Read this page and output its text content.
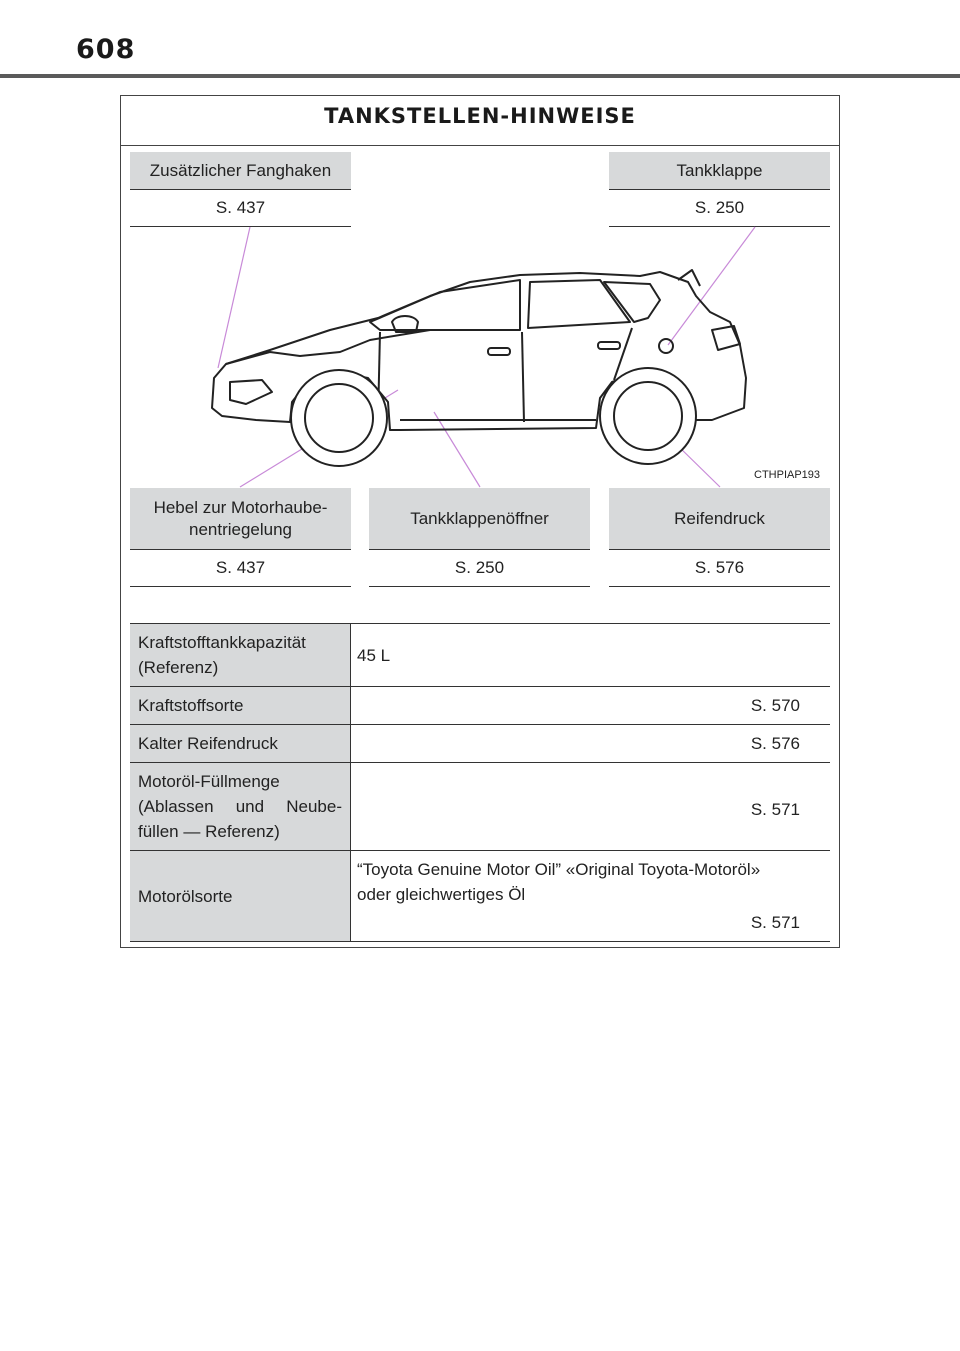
608
TANKSTELLEN-HINWEISE
Zusätzlicher Fanghaken
S. 437
Tankklappe
S. 250
CTHPIAP193
Hebel zur Motorhaube-
nentriegelung
S. 437
Tankklappenöffner
S. 250
Reifendruck
S. 576
Kraftstofftankkapazität
(Referenz)
45 L
Kraftstoffsorte
	S. 570
Kalter Reifendruck
	S. 576
Motoröl-Füllmenge
(Ablassen und Neube-
füllen — Referenz)
S. 571
Motorölsorte
“Toyota Genuine Motor Oil” «Original Toyota-Motoröl»
oder gleichwertiges Öl
S. 571
